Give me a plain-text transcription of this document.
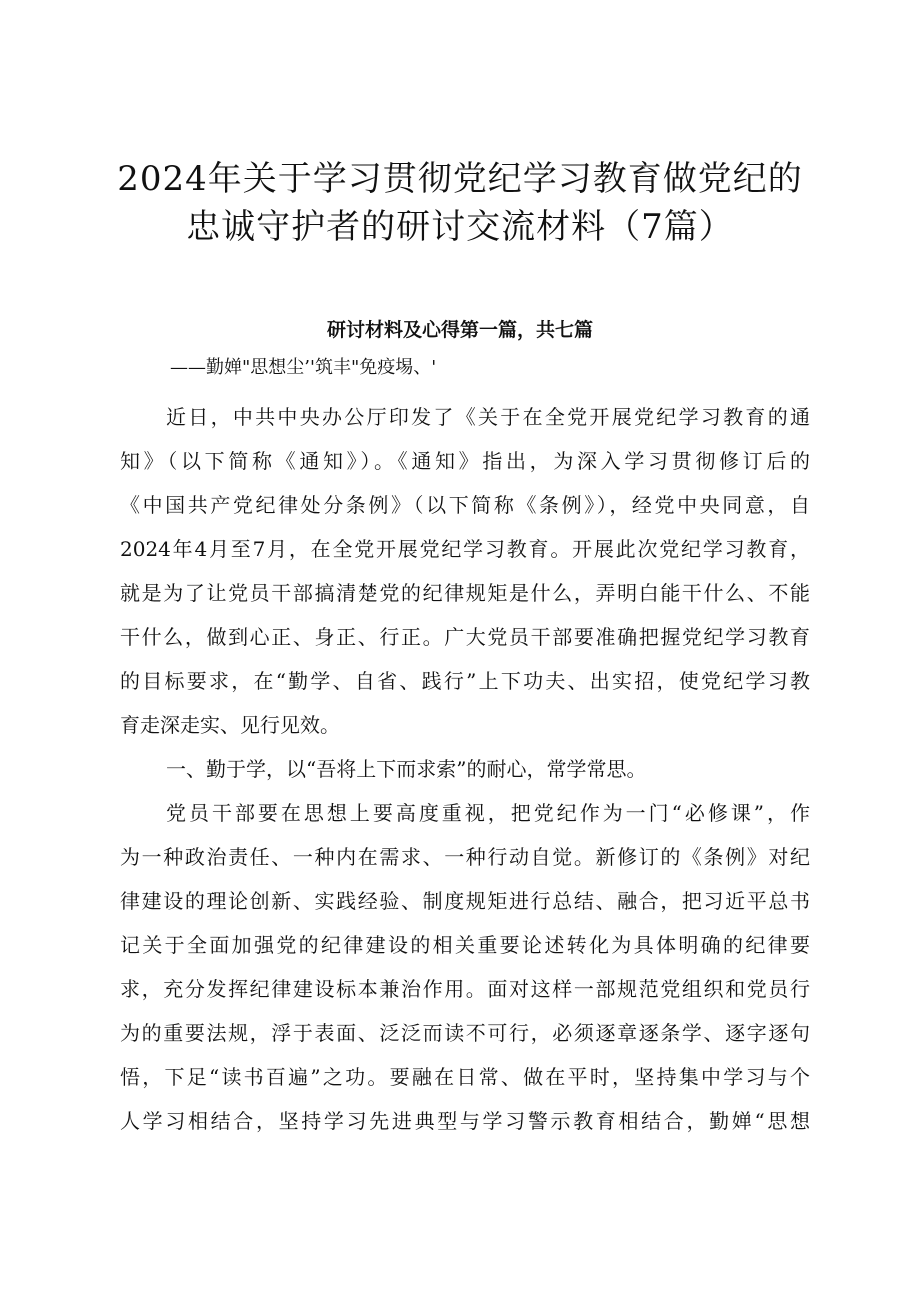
2024年关于学习贯彻党纪学习教育做党纪的
忠诚守护者的研讨交流材料（7篇）
研讨材料及心得第一篇，共七篇
——勤婵"思想尘’'筑丰"免疫埸、'
近日，中共中央办公厅印发了《关于在全党开展党纪学习教育的通
知》（以下简称《通知》）。《通知》指出，为深入学习贯彻修订后的
《中国共产党纪律处分条例》（以下简称《条例》），经党中央同意，自
2024年4月至7月，在全党开展党纪学习教育。开展此次党纪学习教育，
就是为了让党员干部搞清楚党的纪律规矩是什么，弄明白能干什么、不能
干什么，做到心正、身正、行正。广大党员干部要准确把握党纪学习教育
的目标要求，在“勤学、自省、践行”上下功夫、出实招，使党纪学习教
育走深走实、见行见效。
一、勤于学，以“吾将上下而求索”的耐心，常学常思。
党员干部要在思想上要高度重视，把党纪作为一门“必修课”，作
为一种政治责任、一种内在需求、一种行动自觉。新修订的《条例》对纪
律建设的理论创新、实践经验、制度规矩进行总结、融合，把习近平总书
记关于全面加强党的纪律建设的相关重要论述转化为具体明确的纪律要
求，充分发挥纪律建设标本兼治作用。面对这样一部规范党组织和党员行
为的重要法规，浮于表面、泛泛而读不可行，必须逐章逐条学、逐字逐句
悟，下足“读书百遍”之功。要融在日常、做在平时，坚持集中学习与个
人学习相结合，坚持学习先进典型与学习警示教育相结合，勤婵“思想
